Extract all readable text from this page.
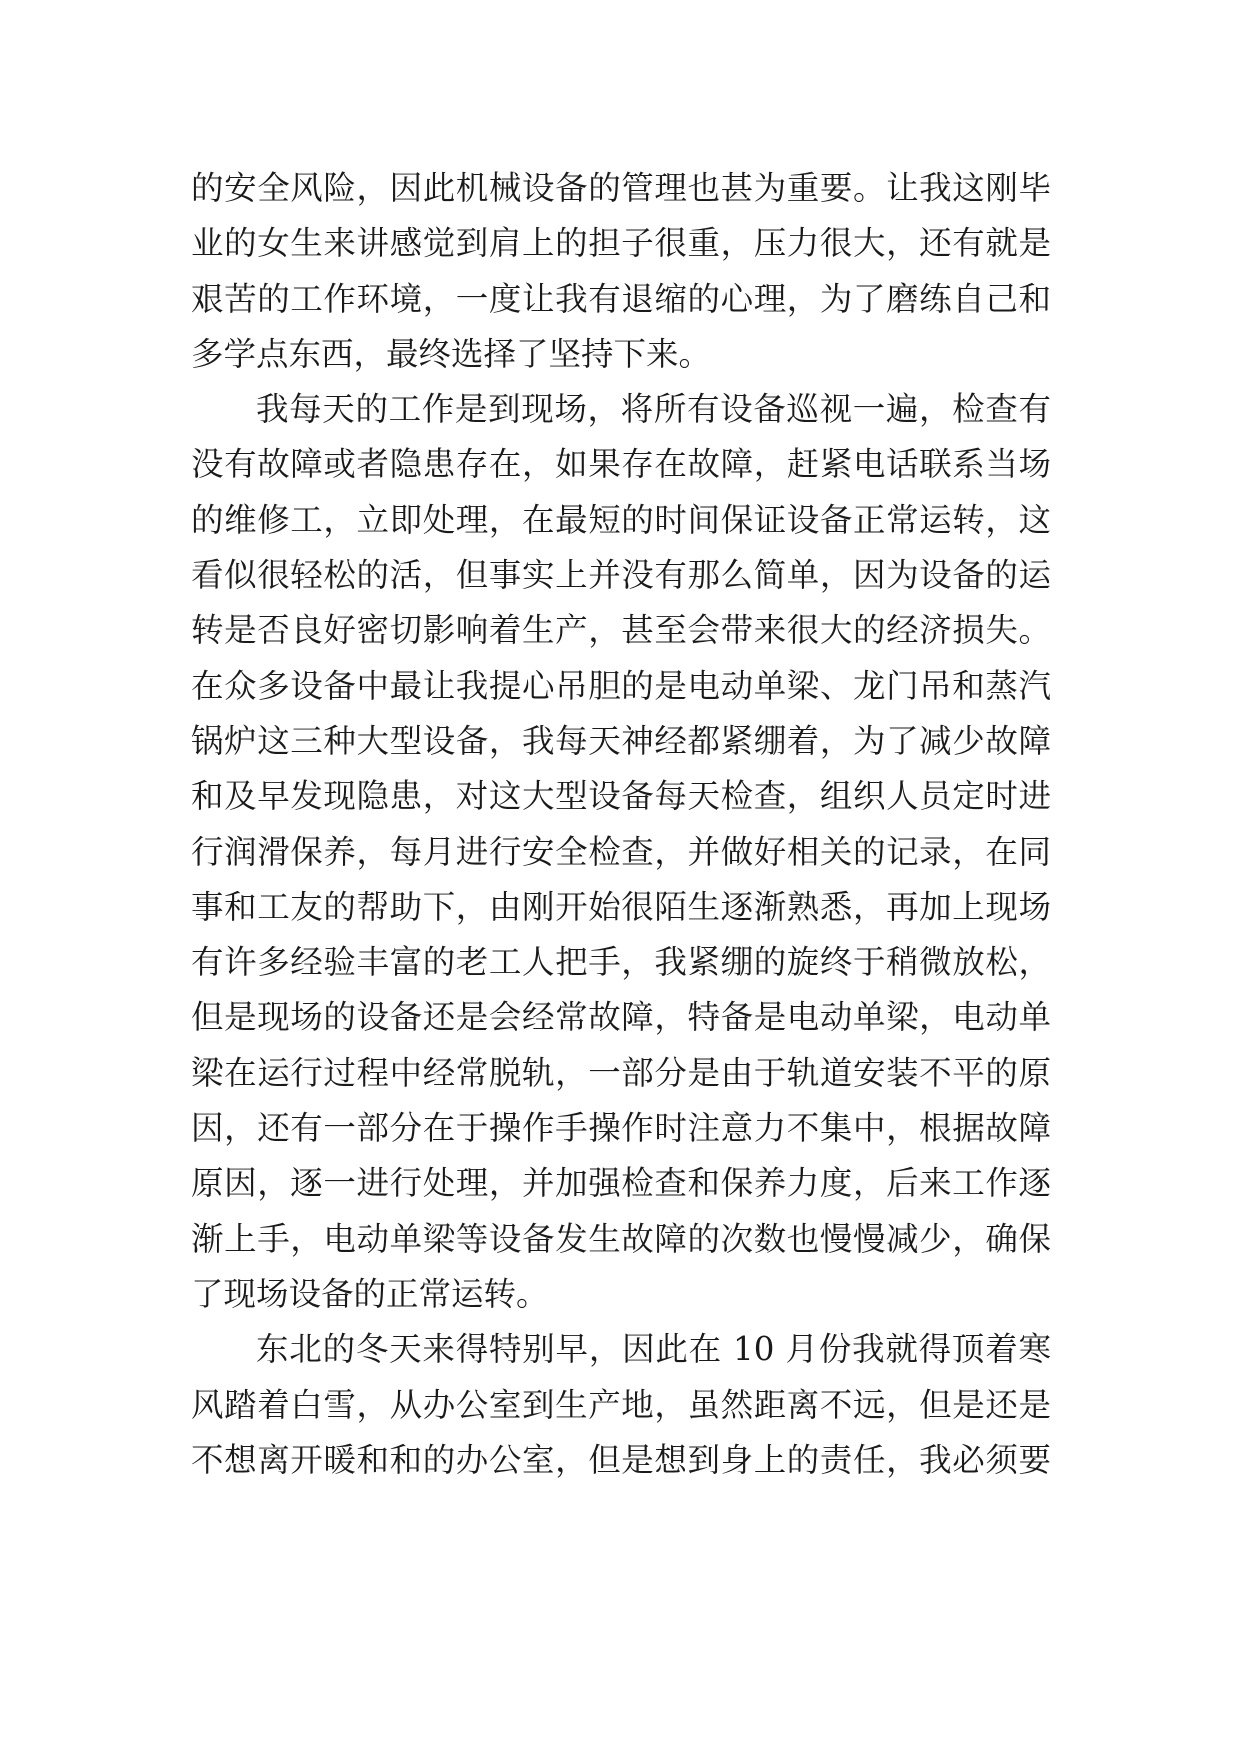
的安全风险，因此机械设备的管理也甚为重要。让我这刚毕
业的女生来讲感觉到肩上的担子很重，压力很大，还有就是
艰苦的工作环境，一度让我有退缩的心理，为了磨练自己和
多学点东西，最终选择了坚持下来。

我每天的工作是到现场，将所有设备巡视一遍，检查有
没有故障或者隐患存在，如果存在故障，赶紧电话联系当场
的维修工，立即处理，在最短的时间保证设备正常运转，这
看似很轻松的活，但事实上并没有那么简单，因为设备的运
转是否良好密切影响着生产，甚至会带来很大的经济损失。
在众多设备中最让我提心吊胆的是电动单梁、龙门吊和蒸汽
锅炉这三种大型设备，我每天神经都紧绷着，为了减少故障
和及早发现隐患，对这大型设备每天检查，组织人员定时进
行润滑保养，每月进行安全检查，并做好相关的记录，在同
事和工友的帮助下，由刚开始很陌生逐渐熟悉，再加上现场
有许多经验丰富的老工人把手，我紧绷的旋终于稍微放松，
但是现场的设备还是会经常故障，特备是电动单梁，电动单
梁在运行过程中经常脱轨，一部分是由于轨道安装不平的原
因，还有一部分在于操作手操作时注意力不集中，根据故障
原因，逐一进行处理，并加强检查和保养力度，后来工作逐
渐上手，电动单梁等设备发生故障的次数也慢慢减少，确保
了现场设备的正常运转。

东北的冬天来得特别早，因此在 10 月份我就得顶着寒
风踏着白雪，从办公室到生产地，虽然距离不远，但是还是
不想离开暖和和的办公室，但是想到身上的责任，我必须要
